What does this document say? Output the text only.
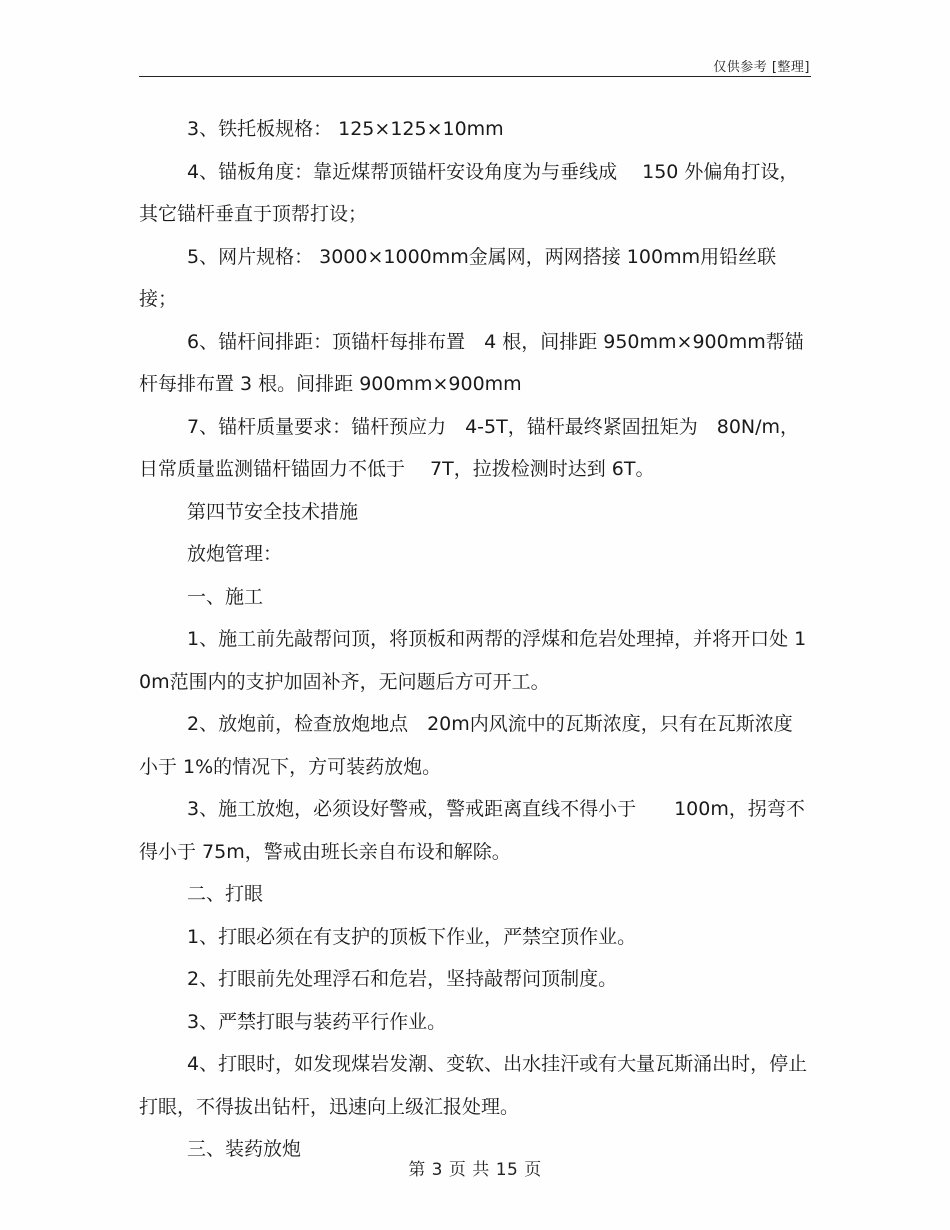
仅供参考 [整理]

3、铁托板规格： 125×125×10mm

4、锚板角度：靠近煤帮顶锚杆安设角度为与垂线成　 150 外偏角打设，其它锚杆垂直于顶帮打设；

5、网片规格： 3000×1000mm金属网，两网搭接 100mm用铅丝联接；

6、锚杆间排距：顶锚杆每排布置　4 根，间排距 950mm×900mm帮锚杆每排布置 3 根。间排距 900mm×900mm

7、锚杆质量要求：锚杆预应力　4-5T，锚杆最终紧固扭矩为　80N/m，日常质量监测锚杆锚固力不低于　 7T，拉拨检测时达到 6T。

第四节安全技术措施

放炮管理：

一、施工

1、施工前先敲帮问顶，将顶板和两帮的浮煤和危岩处理掉，并将开口处 10m范围内的支护加固补齐，无问题后方可开工。

2、放炮前，检查放炮地点　20m内风流中的瓦斯浓度，只有在瓦斯浓度小于 1%的情况下，方可装药放炮。

3、施工放炮，必须设好警戒，警戒距离直线不得小于　　100m，拐弯不得小于 75m，警戒由班长亲自布设和解除。

二、打眼

1、打眼必须在有支护的顶板下作业，严禁空顶作业。

2、打眼前先处理浮石和危岩，坚持敲帮问顶制度。

3、严禁打眼与装药平行作业。

4、打眼时，如发现煤岩发潮、变软、出水挂汗或有大量瓦斯涌出时，停止打眼，不得拔出钻杆，迅速向上级汇报处理。

三、装药放炮

第 3 页 共 15 页
